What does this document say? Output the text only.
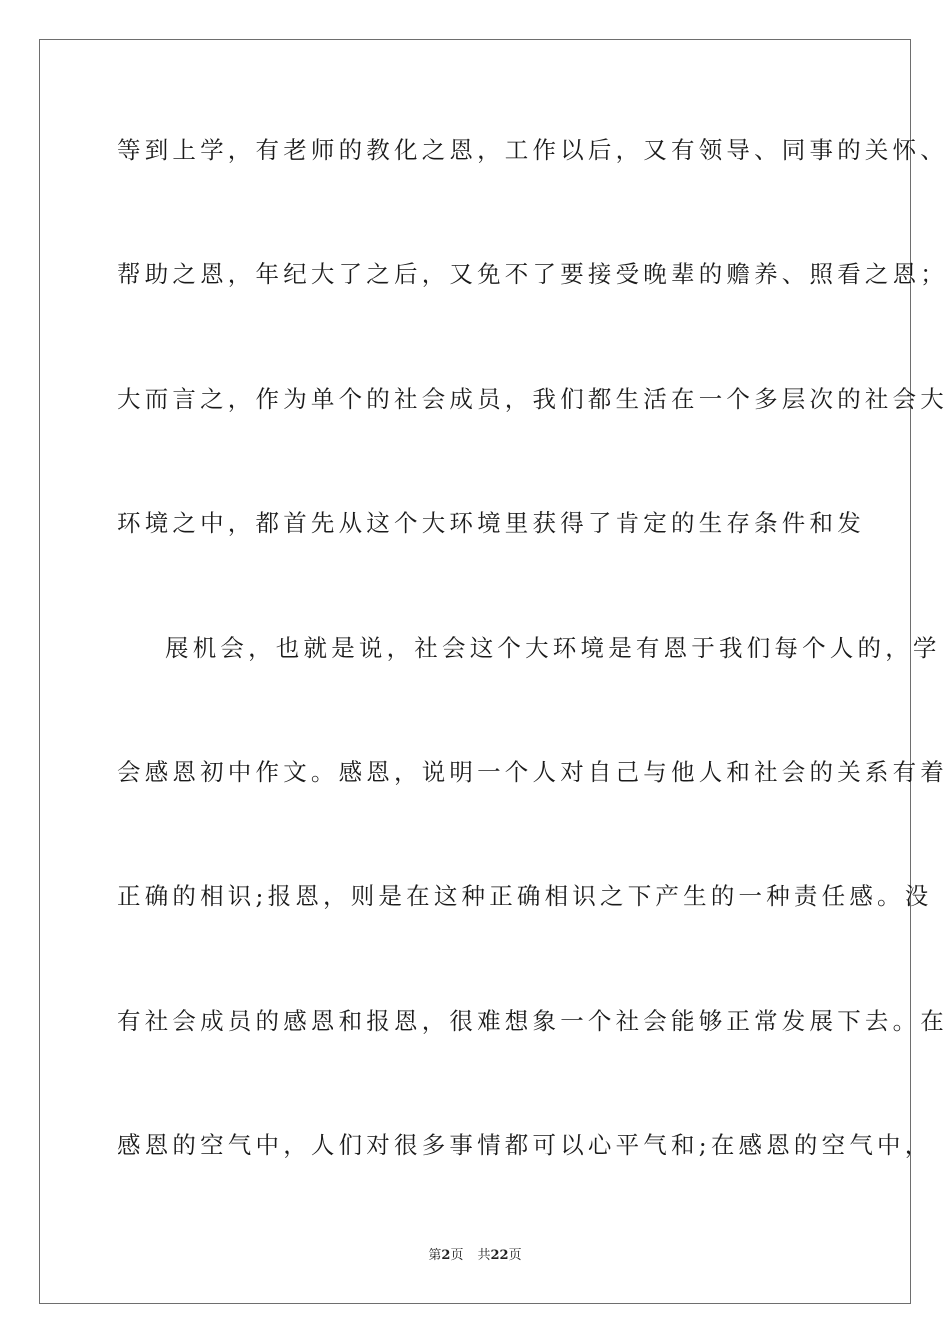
等到上学，有老师的教化之恩，工作以后，又有领导、同事的关怀、
帮助之恩，年纪大了之后，又免不了要接受晚辈的赡养、照看之恩；
大而言之，作为单个的社会成员，我们都生活在一个多层次的社会大
环境之中，都首先从这个大环境里获得了肯定的生存条件和发
展机会，也就是说，社会这个大环境是有恩于我们每个人的，学
会感恩初中作文。感恩，说明一个人对自己与他人和社会的关系有着
正确的相识;报恩，则是在这种正确相识之下产生的一种责任感。没
有社会成员的感恩和报恩，很难想象一个社会能够正常发展下去。在
感恩的空气中，人们对很多事情都可以心平气和;在感恩的空气中，
第2页 共22页
